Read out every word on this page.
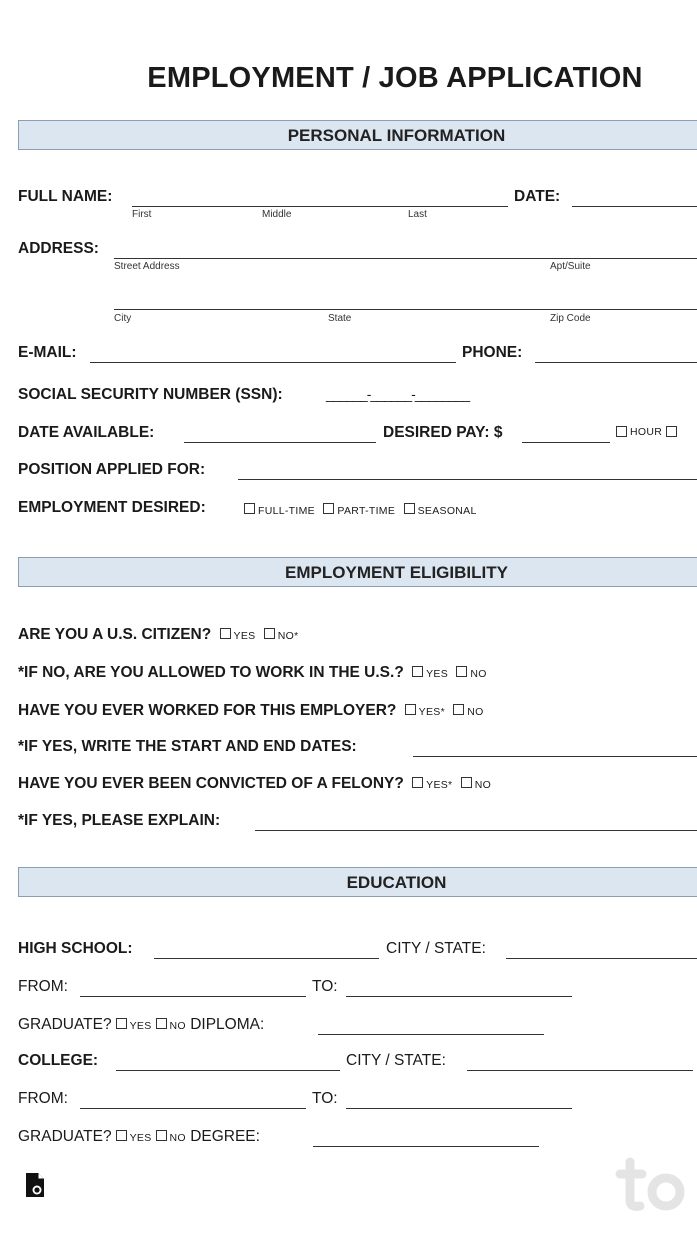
EMPLOYMENT / JOB APPLICATION
PERSONAL INFORMATION
FULL NAME:	DATE:
First	Middle	Last
ADDRESS:
Street Address	Apt/Suite
City	State	Zip Code
E-MAIL:	PHONE:
SOCIAL SECURITY NUMBER (SSN):	______-______-________
DATE AVAILABLE:	DESIRED PAY: $	HOUR
POSITION APPLIED FOR:
EMPLOYMENT DESIRED:	FULL-TIME PART-TIME SEASONAL
EMPLOYMENT ELIGIBILITY
ARE YOU A U.S. CITIZEN? YES NO*
*IF NO, ARE YOU ALLOWED TO WORK IN THE U.S.? YES NO
HAVE YOU EVER WORKED FOR THIS EMPLOYER? YES* NO
*IF YES, WRITE THE START AND END DATES:
HAVE YOU EVER BEEN CONVICTED OF A FELONY? YES* NO
*IF YES, PLEASE EXPLAIN:
EDUCATION
HIGH SCHOOL:	CITY / STATE:
FROM:	TO:
GRADUATE? YES NO DIPLOMA:
COLLEGE:	CITY / STATE:
FROM:	TO:
GRADUATE? YES NO DEGREE:
